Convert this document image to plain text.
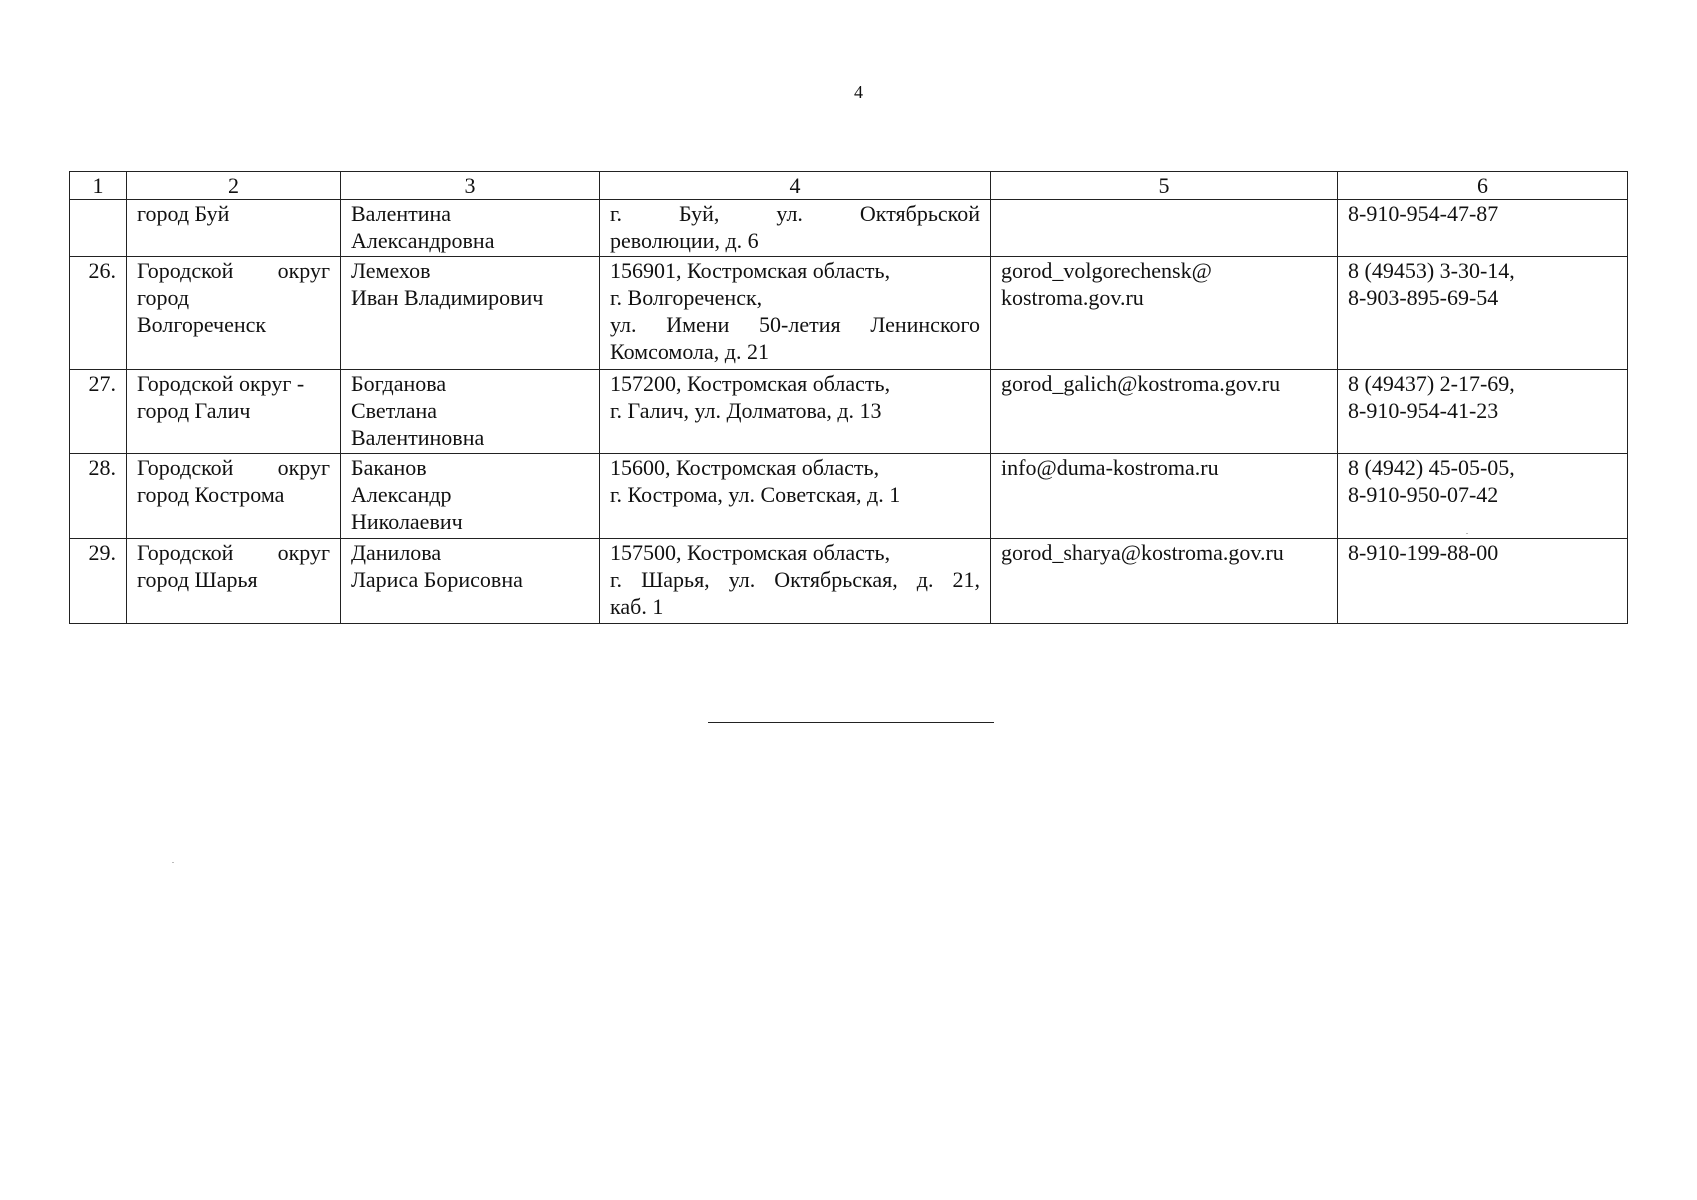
4
1	2	3	4	5	6

	город Буй	Валентина
Александровна	г. Буй, ул. Октябрьской
революции, д. 6		8-910-954-47-87

26.	Городской округ
город
Волгореченск	Лемехов
Иван Владимирович	156901, Костромская область,
г. Волгореченск,
ул. Имени 50-летия Ленинского
Комсомола, д. 21	gorod_volgorechensk@
kostroma.gov.ru	8 (49453) 3-30-14,
8-903-895-69-54

27.	Городской округ -
город Галич	Богданова
Светлана
Валентиновна	157200, Костромская область,
г. Галич, ул. Долматова, д. 13	gorod_galich@kostroma.gov.ru	8 (49437) 2-17-69,
8-910-954-41-23

28.	Городской округ
город Кострома	Баканов
Александр
Николаевич	15600, Костромская область,
г. Кострома, ул. Советская, д. 1	info@duma-kostroma.ru	8 (4942) 45-05-05,
8-910-950-07-42

29.	Городской округ
город Шарья	Данилова
Лариса Борисовна	157500, Костромская область,
г. Шарья, ул. Октябрьская, д. 21,
каб. 1	gorod_sharya@kostroma.gov.ru	8-910-199-88-00
